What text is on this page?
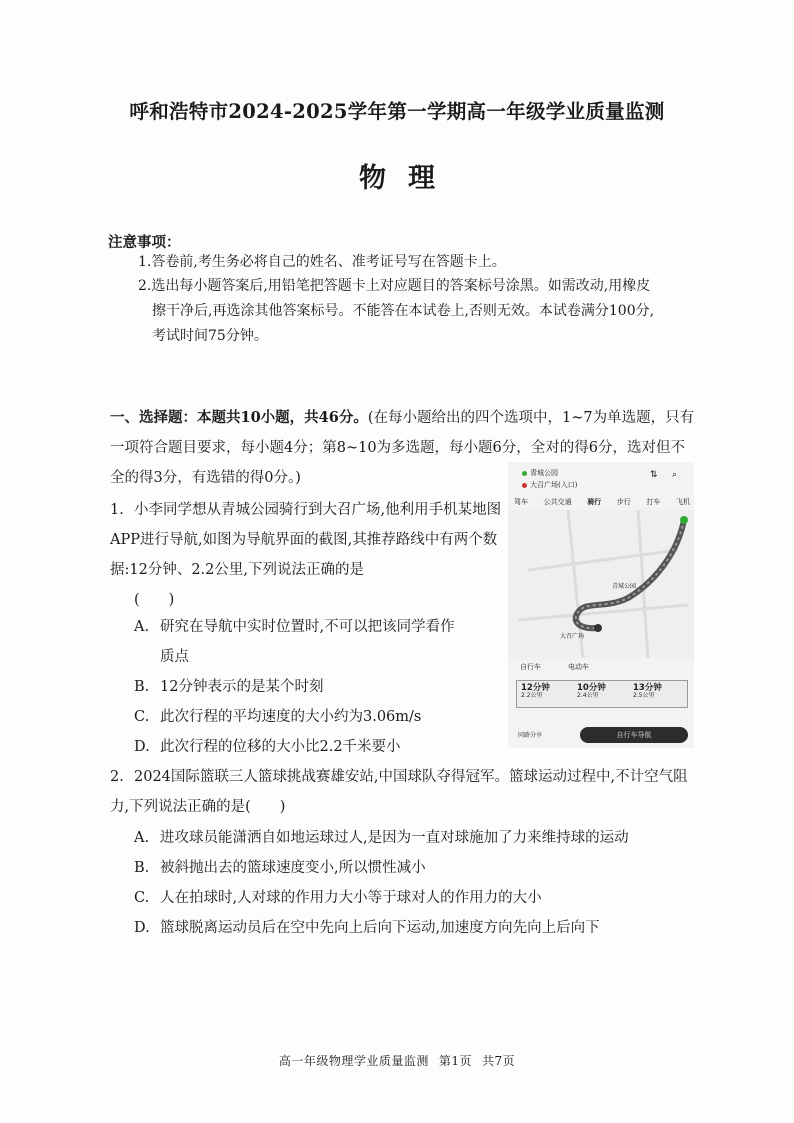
呼和浩特市2024-2025学年第一学期高一年级学业质量监测
物理
注意事项：
1.答卷前,考生务必将自己的姓名、准考证号写在答题卡上。
2.选出每小题答案后,用铅笔把答题卡上对应题目的答案标号涂黑。如需改动,用橡皮
擦干净后,再选涂其他答案标号。不能答在本试卷上,否则无效。本试卷满分100分,
考试时间75分钟。
一、选择题：本题共10小题，共46分。(在每小题给出的四个选项中，1~7为单选题，只有一项符合题目要求，每小题4分；第8~10为多选题，每小题6分，全对的得6分，选对但不全的得3分，有选错的得0分。)
1. 小李同学想从青城公园骑行到大召广场,他利用手机某地图APP进行导航,如图为导航界面的截图,其推荐路线中有两个数据:12分钟、2.2公里,下列说法正确的是
(　　)
A. 研究在导航中实时位置时,不可以把该同学看作
质点
B. 12分钟表示的是某个时刻
C. 此次行程的平均速度的大小约为3.06m/s
D. 此次行程的位移的大小比2.2千米要小
青城公园
大召广场(入口)
⇅ ⌕
驾车 公共交通 骑行 步行 打车 飞机
青城公园
大召广场
自行车	电动车
12分钟
2.2公里
10分钟
2.4公里
13分钟
2.5公里
同路分享	自行车导航
2. 2024国际篮联三人篮球挑战赛雄安站,中国球队夺得冠军。篮球运动过程中,不计空气阻力,下列说法正确的是(　　)
A. 进攻球员能潇洒自如地运球过人,是因为一直对球施加了力来维持球的运动
B. 被斜抛出去的篮球速度变小,所以惯性减小
C. 人在拍球时,人对球的作用力大小等于球对人的作用力的大小
D. 篮球脱离运动员后在空中先向上后向下运动,加速度方向先向上后向下
高一年级物理学业质量监测 第1页 共7页
